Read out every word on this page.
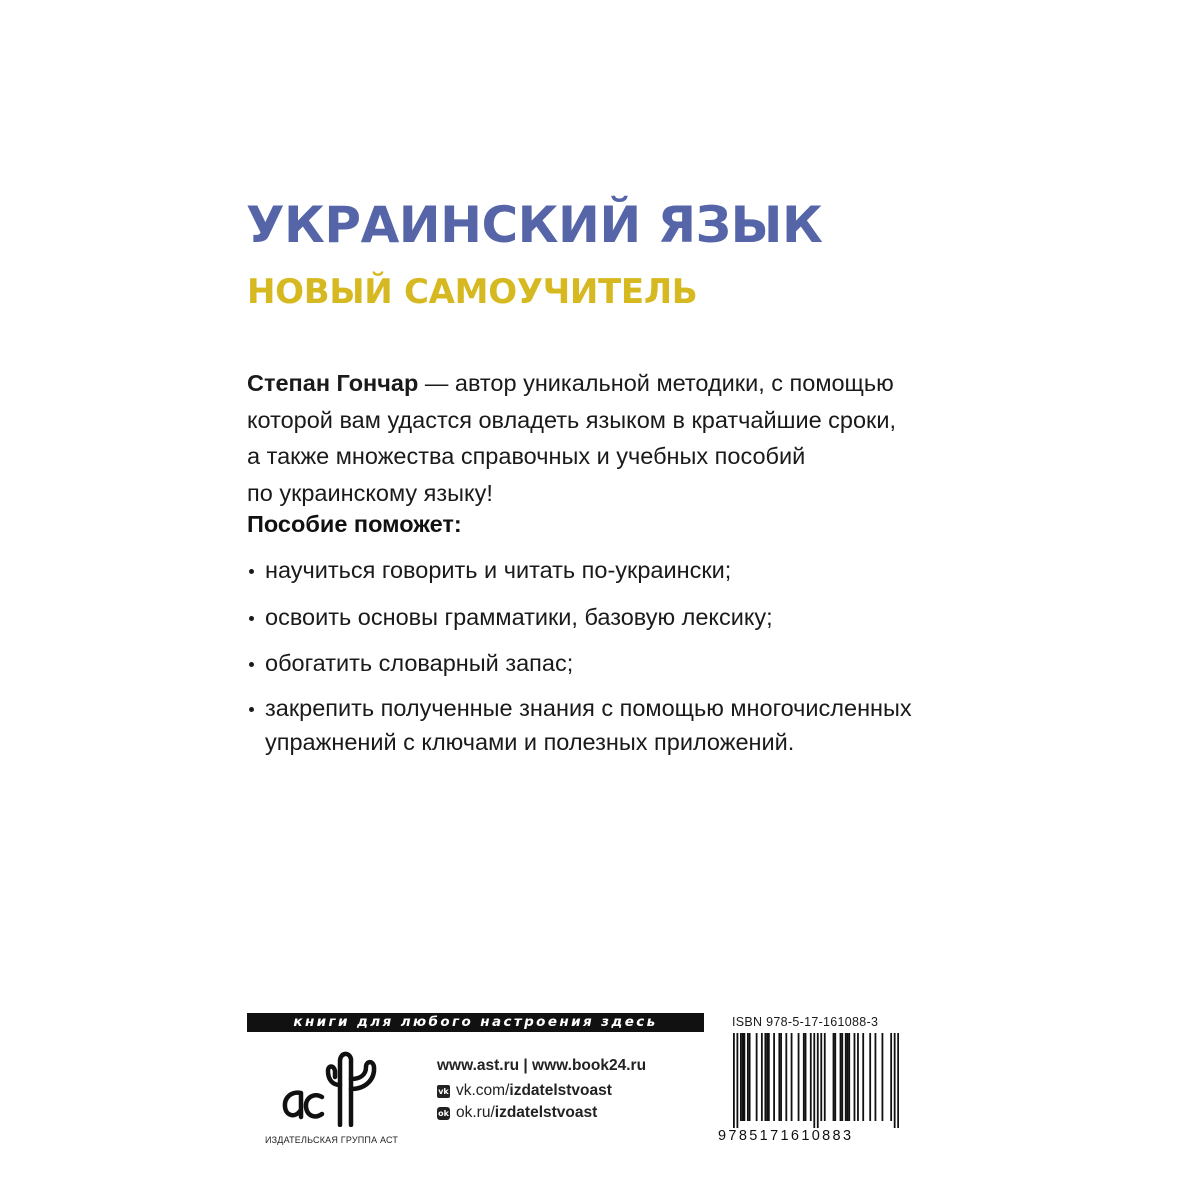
УКРАИНСКИЙ ЯЗЫК
НОВЫЙ САМОУЧИТЕЛЬ

Степан Гончар — автор уникальной методики, с помощью
которой вам удастся овладеть языком в кратчайшие сроки,
а также множества справочных и учебных пособий
по украинскому языку!

Пособие поможет:

научиться говорить и читать по-украински;

освоить основы грамматики, базовую лексику;

обогатить словарный запас;

закрепить полученные знания с помощью многочисленных
упражнений с ключами и полезных приложений.

книги для любого настроения здесь
ИЗДАТЕЛЬСКАЯ ГРУППА АСТ
www.ast.ru | www.book24.ru
vk vk.com/ izdatelstvoast
ok ok.ru/ izdatelstvoast
ISBN 978-5-17-161088-3
9785171610883
